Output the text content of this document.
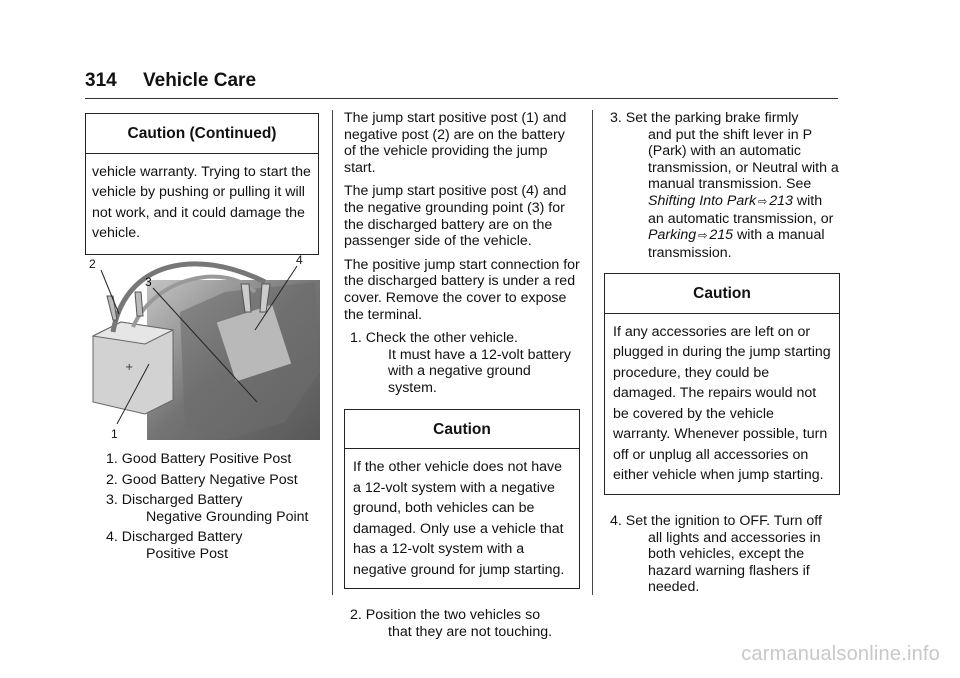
314 Vehicle Care
Caution (Continued)
vehicle warranty. Trying to start the vehicle by pushing or pulling it will not work, and it could damage the vehicle.
+
2
3
4
1
1. Good Battery Positive Post
2. Good Battery Negative Post
3. Discharged Battery
Negative Grounding Point
4. Discharged Battery
Positive Post

The jump start positive post (1) and negative post (2) are on the battery of the vehicle providing the jump start.

The jump start positive post (4) and the negative grounding point (3) for the discharged battery are on the passenger side of the vehicle.

The positive jump start connection for the discharged battery is under a red cover. Remove the cover to expose the terminal.

1. Check the other vehicle.
It must have a 12-volt battery with a negative ground system.
Caution
If the other vehicle does not have a 12-volt system with a negative ground, both vehicles can be damaged. Only use a vehicle that has a 12-volt system with a negative ground for jump starting.
2. Position the two vehicles so
that they are not touching.
3. Set the parking brake firmly
and put the shift lever in P (Park) with an automatic transmission, or Neutral with a manual transmission. See Shifting Into Park ⇨ 213 with an automatic transmission, or Parking ⇨ 215 with a manual transmission.
Caution
If any accessories are left on or plugged in during the jump starting procedure, they could be damaged. The repairs would not be covered by the vehicle warranty. Whenever possible, turn off or unplug all accessories on either vehicle when jump starting.
4. Set the ignition to OFF. Turn off
all lights and accessories in both vehicles, except the hazard warning flashers if needed.
carmanualsonline.info
